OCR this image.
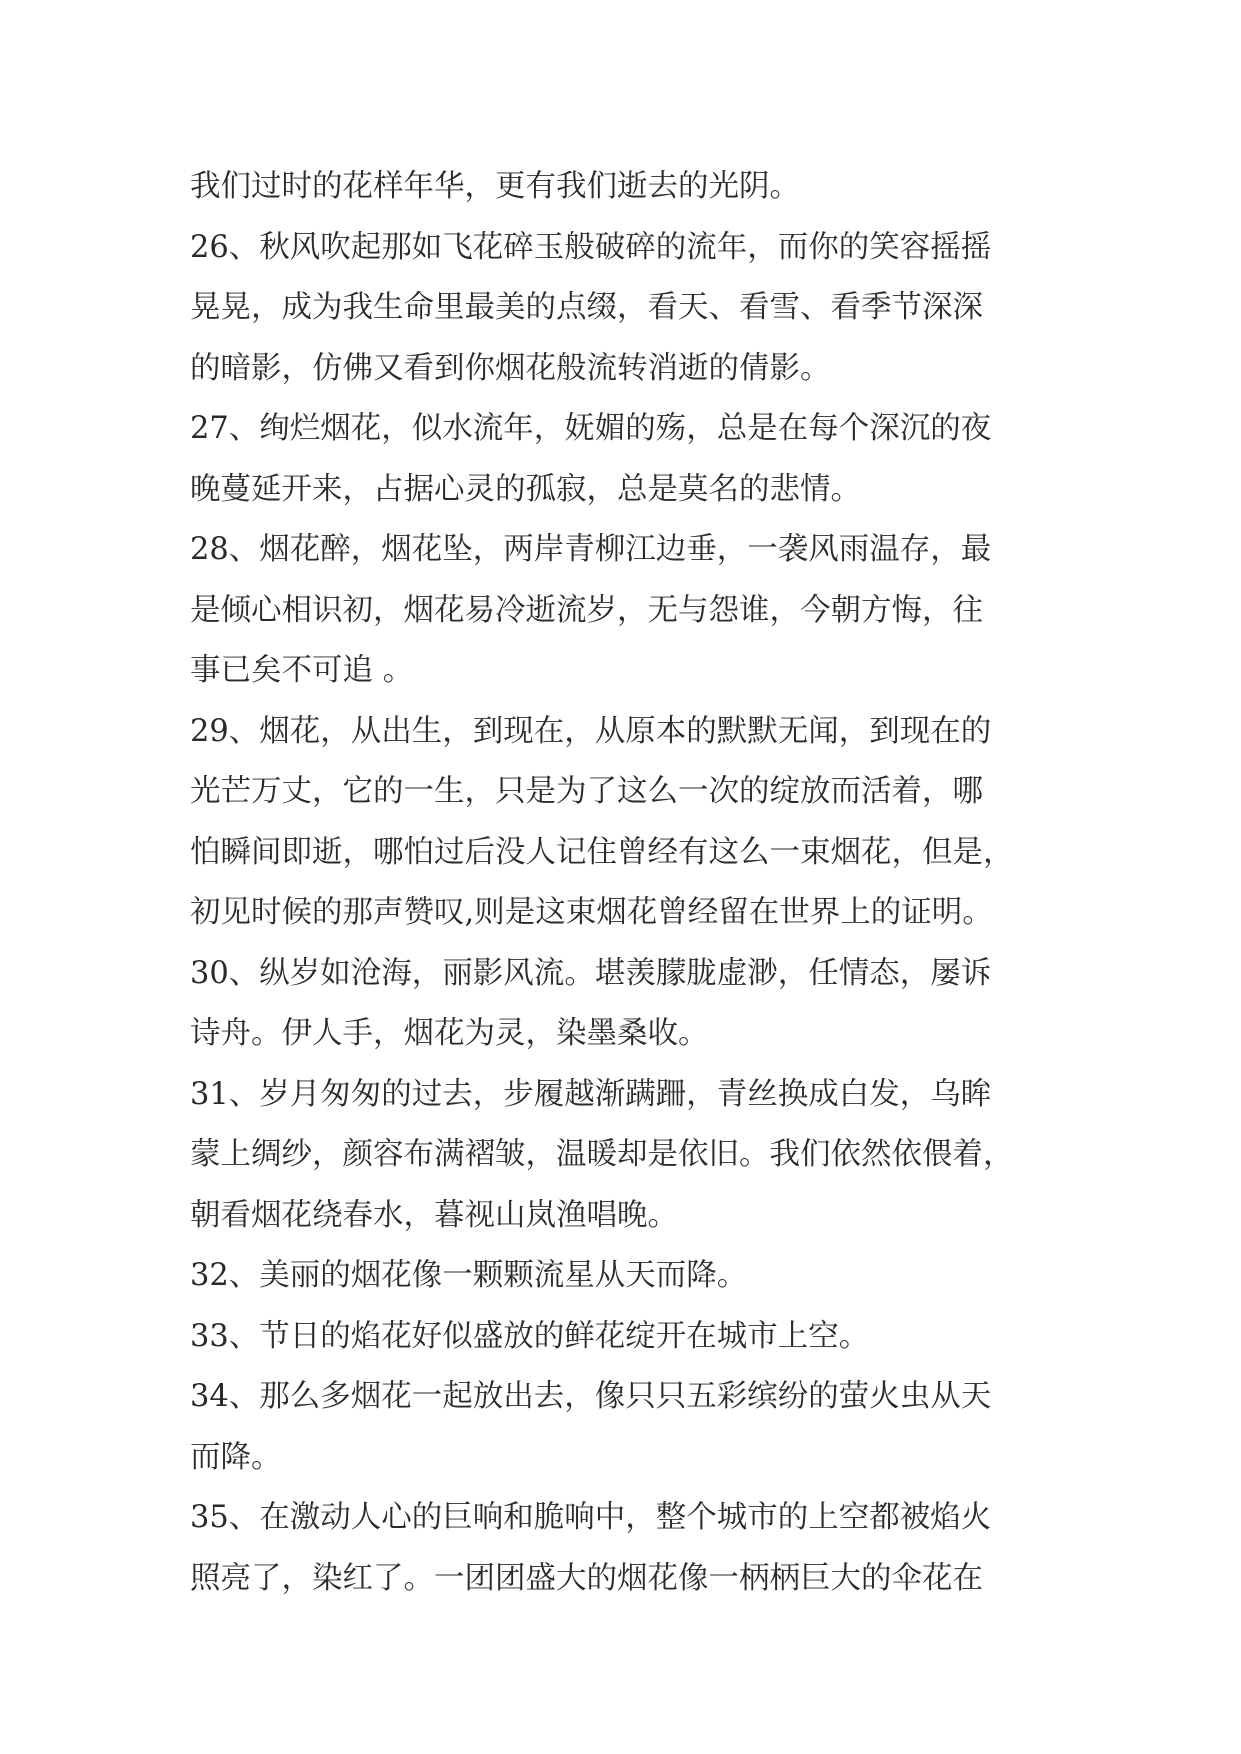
我们过时的花样年华，更有我们逝去的光阴。
26、秋风吹起那如飞花碎玉般破碎的流年，而你的笑容摇摇
晃晃，成为我生命里最美的点缀，看天、看雪、看季节深深
的暗影，仿佛又看到你烟花般流转消逝的倩影。
27、绚烂烟花，似水流年，妩媚的殇，总是在每个深沉的夜
晚蔓延开来，占据心灵的孤寂，总是莫名的悲情。
28、烟花醉，烟花坠，两岸青柳江边垂，一袭风雨温存，最
是倾心相识初，烟花易冷逝流岁，无与怨谁，今朝方悔，往
事已矣不可追 。
29、烟花，从出生，到现在，从原本的默默无闻，到现在的
光芒万丈，它的一生，只是为了这么一次的绽放而活着，哪
怕瞬间即逝，哪怕过后没人记住曾经有这么一束烟花，但是，
初见时候的那声赞叹,则是这束烟花曾经留在世界上的证明。
30、纵岁如沧海，丽影风流。堪羡朦胧虚渺，任情态，屡诉
诗舟。伊人手，烟花为灵，染墨桑收。
31、岁月匆匆的过去，步履越渐蹒跚，青丝换成白发，乌眸
蒙上绸纱，颜容布满褶皱，温暖却是依旧。我们依然依偎着，
朝看烟花绕春水，暮视山岚渔唱晚。
32、美丽的烟花像一颗颗流星从天而降。
33、节日的焰花好似盛放的鲜花绽开在城市上空。
34、那么多烟花一起放出去，像只只五彩缤纷的萤火虫从天
而降。
35、在激动人心的巨响和脆响中，整个城市的上空都被焰火
照亮了，染红了。一团团盛大的烟花像一柄柄巨大的伞花在
